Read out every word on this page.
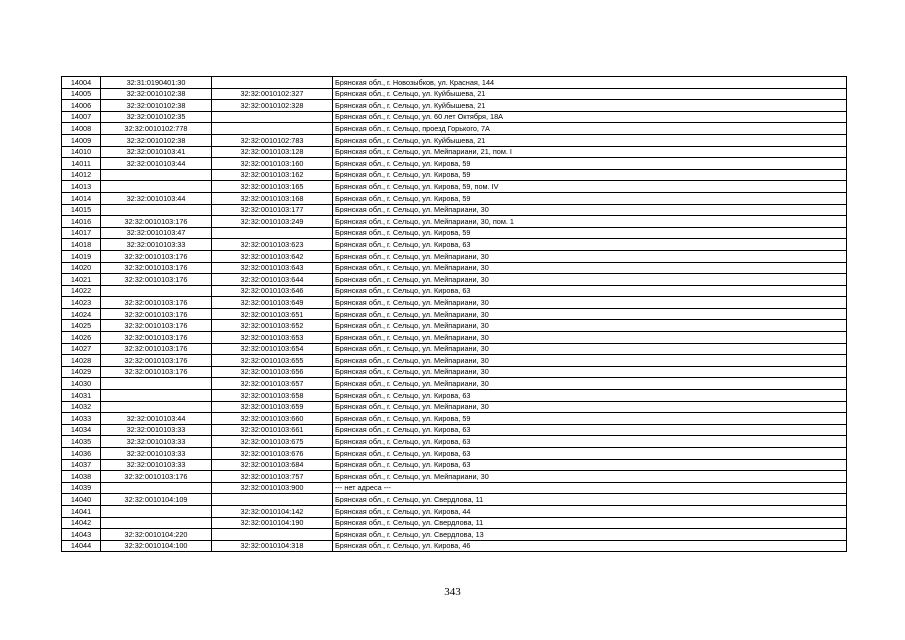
14004	32:31:0190401:30		Брянская обл., г. Новозыбков, ул. Красная, 144
14005	32:32:0010102:38	32:32:0010102:327	Брянская обл., г. Сельцо, ул. Куйбышева, 21
14006	32:32:0010102:38	32:32:0010102:328	Брянская обл., г. Сельцо, ул. Куйбышева, 21
14007	32:32:0010102:35		Брянская обл., г. Сельцо, ул. 60 лет Октября, 18А
14008	32:32:0010102:778		Брянская обл., г. Сельцо, проезд Горького, 7А
14009	32:32:0010102:38	32:32:0010102:783	Брянская обл., г. Сельцо, ул. Куйбышева, 21
14010	32:32:0010103:41	32:32:0010103:128	Брянская обл., г. Сельцо, ул. Мейпариани, 21, пом. I
14011	32:32:0010103:44	32:32:0010103:160	Брянская обл., г. Сельцо, ул. Кирова, 59
14012		32:32:0010103:162	Брянская обл., г. Сельцо, ул. Кирова, 59
14013		32:32:0010103:165	Брянская обл., г. Сельцо, ул. Кирова, 59, пом. IV
14014	32:32:0010103:44	32:32:0010103:168	Брянская обл., г. Сельцо, ул. Кирова, 59
14015		32:32:0010103:177	Брянская обл., г. Сельцо, ул. Мейпариани, 30
14016	32:32:0010103:176	32:32:0010103:249	Брянская обл., г. Сельцо, ул. Мейпариани, 30, пом. 1
14017	32:32:0010103:47		Брянская обл., г. Сельцо, ул. Кирова, 59
14018	32:32:0010103:33	32:32:0010103:623	Брянская обл., г. Сельцо, ул. Кирова, 63
14019	32:32:0010103:176	32:32:0010103:642	Брянская обл., г. Сельцо, ул. Мейпариани, 30
14020	32:32:0010103:176	32:32:0010103:643	Брянская обл., г. Сельцо, ул. Мейпариани, 30
14021	32:32:0010103:176	32:32:0010103:644	Брянская обл., г. Сельцо, ул. Мейпариани, 30
14022		32:32:0010103:646	Брянская обл., г. Сельцо, ул. Кирова, 63
14023	32:32:0010103:176	32:32:0010103:649	Брянская обл., г. Сельцо, ул. Мейпариани, 30
14024	32:32:0010103:176	32:32:0010103:651	Брянская обл., г. Сельцо, ул. Мейпариани, 30
14025	32:32:0010103:176	32:32:0010103:652	Брянская обл., г. Сельцо, ул. Мейпариани, 30
14026	32:32:0010103:176	32:32:0010103:653	Брянская обл., г. Сельцо, ул. Мейпариани, 30
14027	32:32:0010103:176	32:32:0010103:654	Брянская обл., г. Сельцо, ул. Мейпариани, 30
14028	32:32:0010103:176	32:32:0010103:655	Брянская обл., г. Сельцо, ул. Мейпариани, 30
14029	32:32:0010103:176	32:32:0010103:656	Брянская обл., г. Сельцо, ул. Мейпариани, 30
14030		32:32:0010103:657	Брянская обл., г. Сельцо, ул. Мейпариани, 30
14031		32:32:0010103:658	Брянская обл., г. Сельцо, ул. Кирова, 63
14032		32:32:0010103:659	Брянская обл., г. Сельцо, ул. Мейпариани, 30
14033	32:32:0010103:44	32:32:0010103:660	Брянская обл., г. Сельцо, ул. Кирова, 59
14034	32:32:0010103:33	32:32:0010103:661	Брянская обл., г. Сельцо, ул. Кирова, 63
14035	32:32:0010103:33	32:32:0010103:675	Брянская обл., г. Сельцо, ул. Кирова, 63
14036	32:32:0010103:33	32:32:0010103:676	Брянская обл., г. Сельцо, ул. Кирова, 63
14037	32:32:0010103:33	32:32:0010103:684	Брянская обл., г. Сельцо, ул. Кирова, 63
14038	32:32:0010103:176	32:32:0010103:757	Брянская обл., г. Сельцо, ул. Мейпариани, 30
14039		32:32:0010103:900	--- нет адреса ---
14040	32:32:0010104:109		Брянская обл., г. Сельцо, ул. Свердлова, 11
14041		32:32:0010104:142	Брянская обл., г. Сельцо, ул. Кирова, 44
14042		32:32:0010104:190	Брянская обл., г. Сельцо, ул. Свердлова, 11
14043	32:32:0010104:220		Брянская обл., г. Сельцо, ул. Свердлова, 13
14044	32:32:0010104:100	32:32:0010104:318	Брянская обл., г. Сельцо, ул. Кирова, 46
343
